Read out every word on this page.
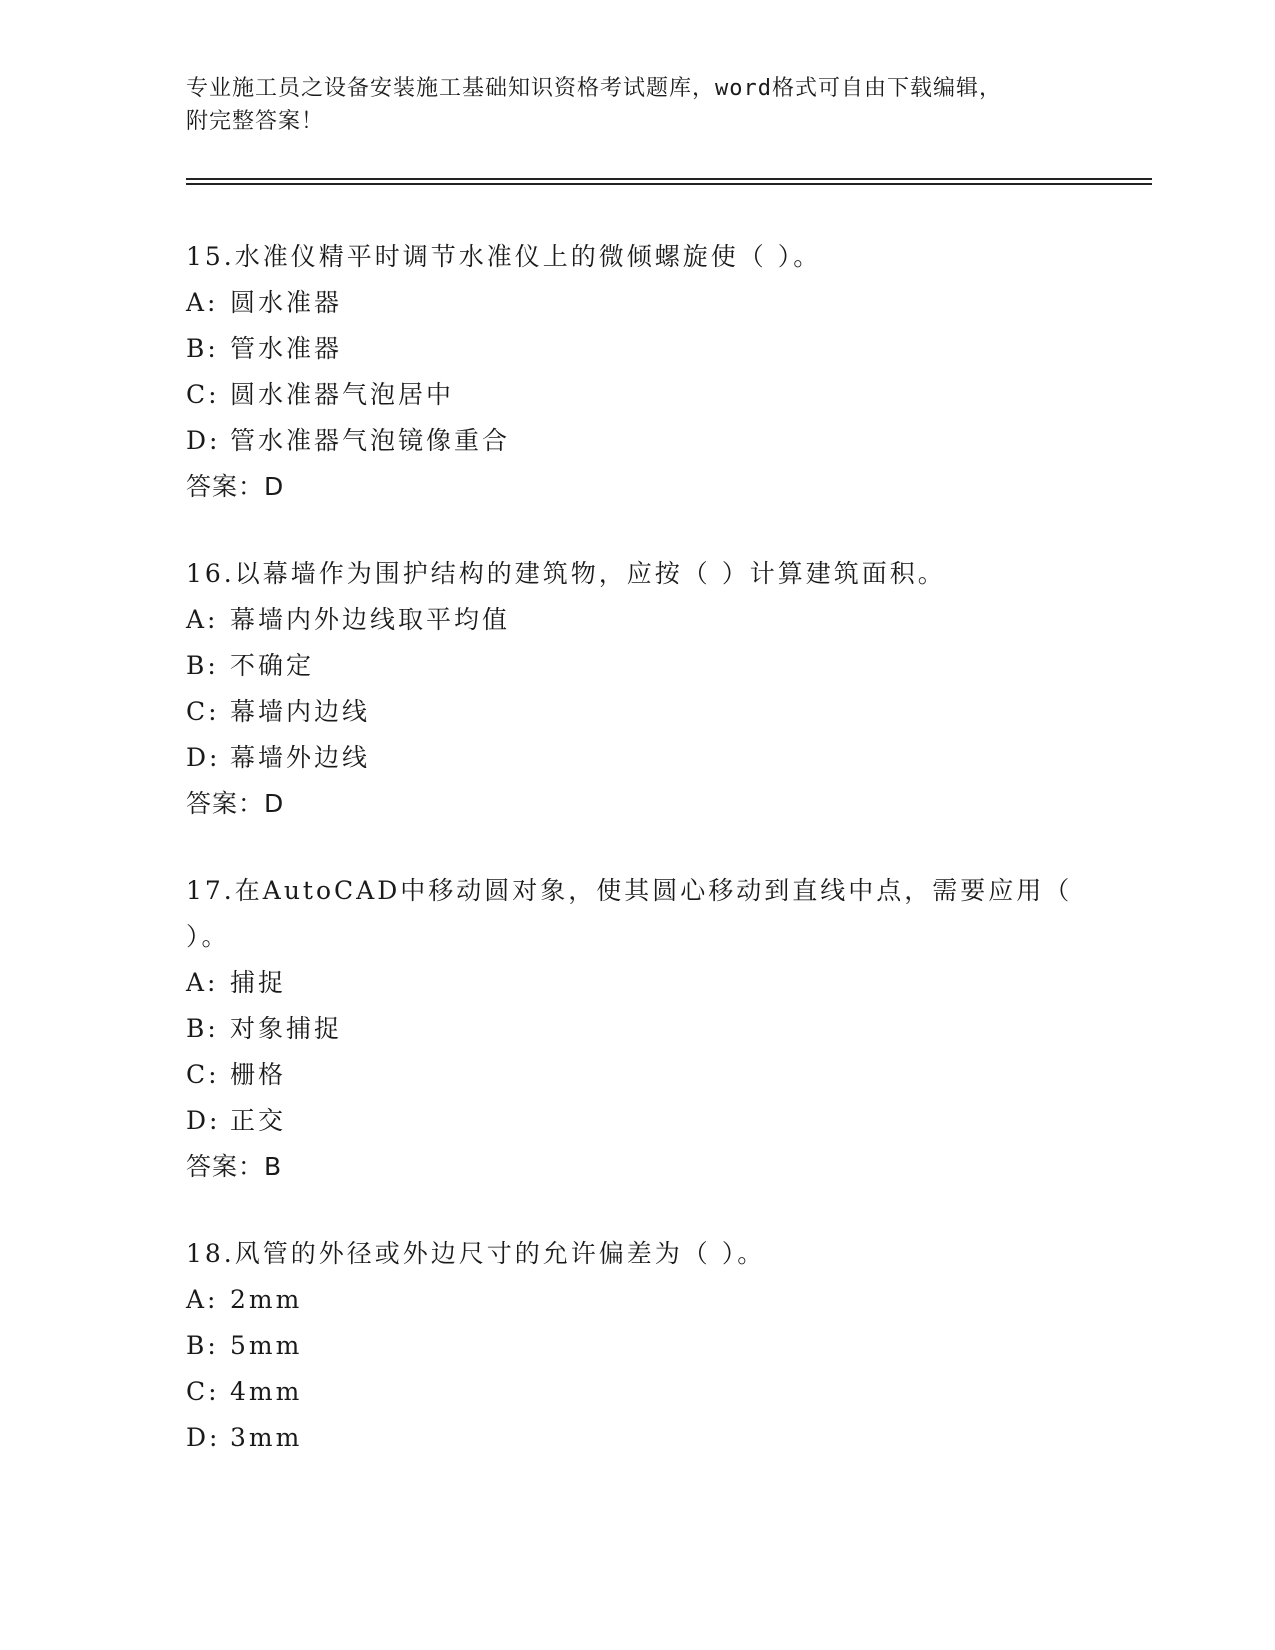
专业施工员之设备安装施工基础知识资格考试题库，word格式可自由下载编辑，
附完整答案！
15.水准仪精平时调节水准仪上的微倾螺旋使（ ）。
A: 圆水准器
B: 管水准器
C: 圆水准器气泡居中
D: 管水准器气泡镜像重合
答案：D
16.以幕墙作为围护结构的建筑物，应按（ ）计算建筑面积。
A: 幕墙内外边线取平均值
B: 不确定
C: 幕墙内边线
D: 幕墙外边线
答案：D
17.在AutoCAD中移动圆对象，使其圆心移动到直线中点，需要应用（ ）。
A: 捕捉
B: 对象捕捉
C: 栅格
D: 正交
答案：B
18.风管的外径或外边尺寸的允许偏差为（ ）。
A: 2mm
B: 5mm
C: 4mm
D: 3mm
